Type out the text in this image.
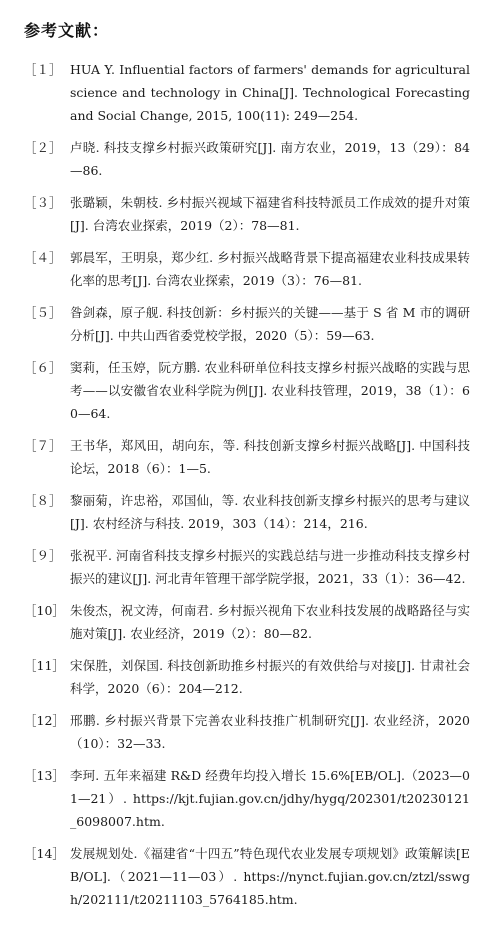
参考文献：
［１］ HUA Y. Influential factors of farmers' demands for agricultural science and technology in China[J]. Technological Forecasting and Social Change, 2015, 100(11): 249—254.
［２］ 卢晓. 科技支撑乡村振兴政策研究[J]. 南方农业，2019，13（29）：84—86.
［３］ 张璐颖，朱朝枝. 乡村振兴视域下福建省科技特派员工作成效的提升对策[J]. 台湾农业探索，2019（2）：78—81.
［４］ 郭晨军，王明泉，郑少红. 乡村振兴战略背景下提高福建农业科技成果转化率的思考[J]. 台湾农业探索，2019（3）：76—81.
［５］ 昝剑森，原子舰. 科技创新：乡村振兴的关键——基于 S 省 M 市的调研分析[J]. 中共山西省委党校学报，2020（5）：59—63.
［６］ 窦莉，任玉婷，阮方鹏. 农业科研单位科技支撑乡村振兴战略的实践与思考——以安徽省农业科学院为例[J]. 农业科技管理，2019，38（1）：60—64.
［７］ 王书华，郑风田，胡向东，等. 科技创新支撑乡村振兴战略[J]. 中国科技论坛，2018（6）：1—5.
［８］ 黎丽菊，许忠裕，邓国仙，等. 农业科技创新支撑乡村振兴的思考与建议[J]. 农村经济与科技. 2019，303（14）：214，216.
［９］ 张祝平. 河南省科技支撑乡村振兴的实践总结与进一步推动科技支撑乡村振兴的建议[J]. 河北青年管理干部学院学报，2021，33（1）：36—42.
［10］ 朱俊杰，祝文涛，何南君. 乡村振兴视角下农业科技发展的战略路径与实施对策[J]. 农业经济，2019（2）：80—82.
［11］ 宋保胜，刘保国. 科技创新助推乡村振兴的有效供给与对接[J]. 甘肃社会科学，2020（6）：204—212.
［12］ 邢鹏. 乡村振兴背景下完善农业科技推广机制研究[J]. 农业经济，2020（10）：32—33.
［13］ 李珂. 五年来福建 R&D 经费年均投入增长 15.6%[EB/OL].（2023—01—21）. https://kjt.fujian.gov.cn/jdhy/hygq/202301/t20230121_6098007.htm.
［14］ 发展规划处.《福建省“十四五”特色现代农业发展专项规划》政策解读[EB/OL].（2021—11—03）. https://nynct.fujian.gov.cn/ztzl/sswgh/202111/t20211103_5764185.htm.
